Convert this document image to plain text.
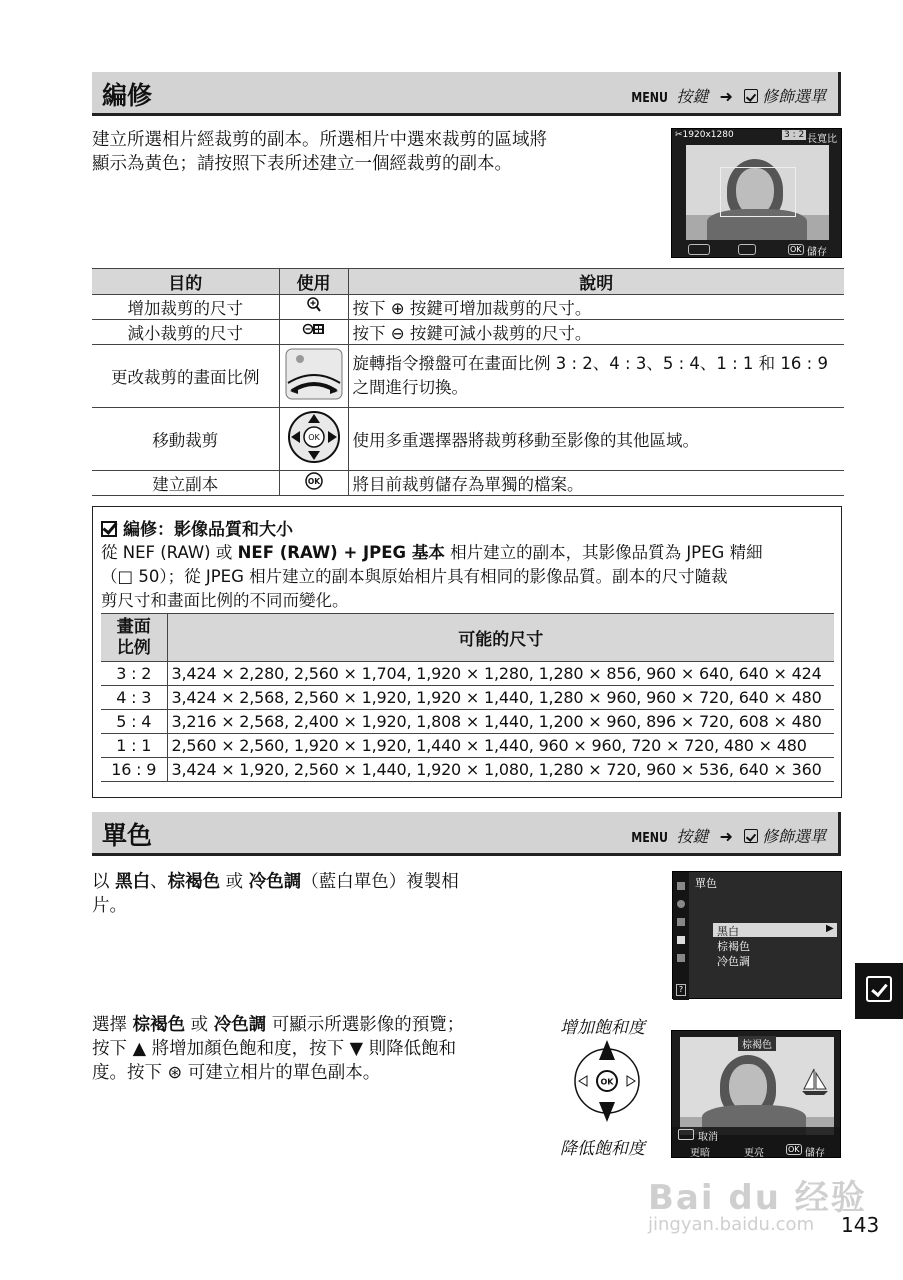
編修	MENU 按鍵 ➜ 修飾選單
建立所選相片經裁剪的副本。所選相片中選來裁剪的區域將
顯示為黃色；請按照下表所述建立一個經裁剪的副本。
✂1920x1280	3 : 2 長寬比
OK 儲存
目的	使用	說明
增加裁剪的尺寸		按下 ⊕ 按鍵可增加裁剪的尺寸。
減小裁剪的尺寸		按下 ⊖ 按鍵可減小裁剪的尺寸。
更改裁剪的畫面比例		旋轉指令撥盤可在畫面比例 3 : 2、4 : 3、5 : 4、1 : 1 和 16 : 9
之間進行切換。

移動裁剪	OK	使用多重選擇器將裁剪移動至影像的其他區域。
建立副本	OK	將目前裁剪儲存為單獨的檔案。
編修：影像品質和大小
從 NEF (RAW) 或 NEF (RAW) + JPEG 基本 相片建立的副本，其影像品質為 JPEG 精細
（□ 50）；從 JPEG 相片建立的副本與原始相片具有相同的影像品質。副本的尺寸隨裁
剪尺寸和畫面比例的不同而變化。
畫面
比例	可能的尺寸
3 : 2	3,424 × 2,280, 2,560 × 1,704, 1,920 × 1,280, 1,280 × 856, 960 × 640, 640 × 424
4 : 3	3,424 × 2,568, 2,560 × 1,920, 1,920 × 1,440, 1,280 × 960, 960 × 720, 640 × 480
5 : 4	3,216 × 2,568, 2,400 × 1,920, 1,808 × 1,440, 1,200 × 960, 896 × 720, 608 × 480
1 : 1	2,560 × 2,560, 1,920 × 1,920, 1,440 × 1,440, 960 × 960, 720 × 720, 480 × 480
16 : 9	3,424 × 1,920, 2,560 × 1,440, 1,920 × 1,080, 1,280 × 720, 960 × 536, 640 × 360
單色	MENU 按鍵 ➜ 修飾選單
以 黑白、棕褐色 或 冷色調（藍白單色）複製相
片。
?
單色
黑白	▶
棕褐色
冷色調
選擇 棕褐色 或 冷色調 可顯示所選影像的預覽；
按下 ▲ 將增加顏色飽和度，按下 ▼ 則降低飽和
度。按下 ⊛ 可建立相片的單色副本。
增加飽和度
OK
降低飽和度
棕褐色
取消
更暗	更亮	OK 儲存
Bai du 经验
jingyan.baidu.com 143
